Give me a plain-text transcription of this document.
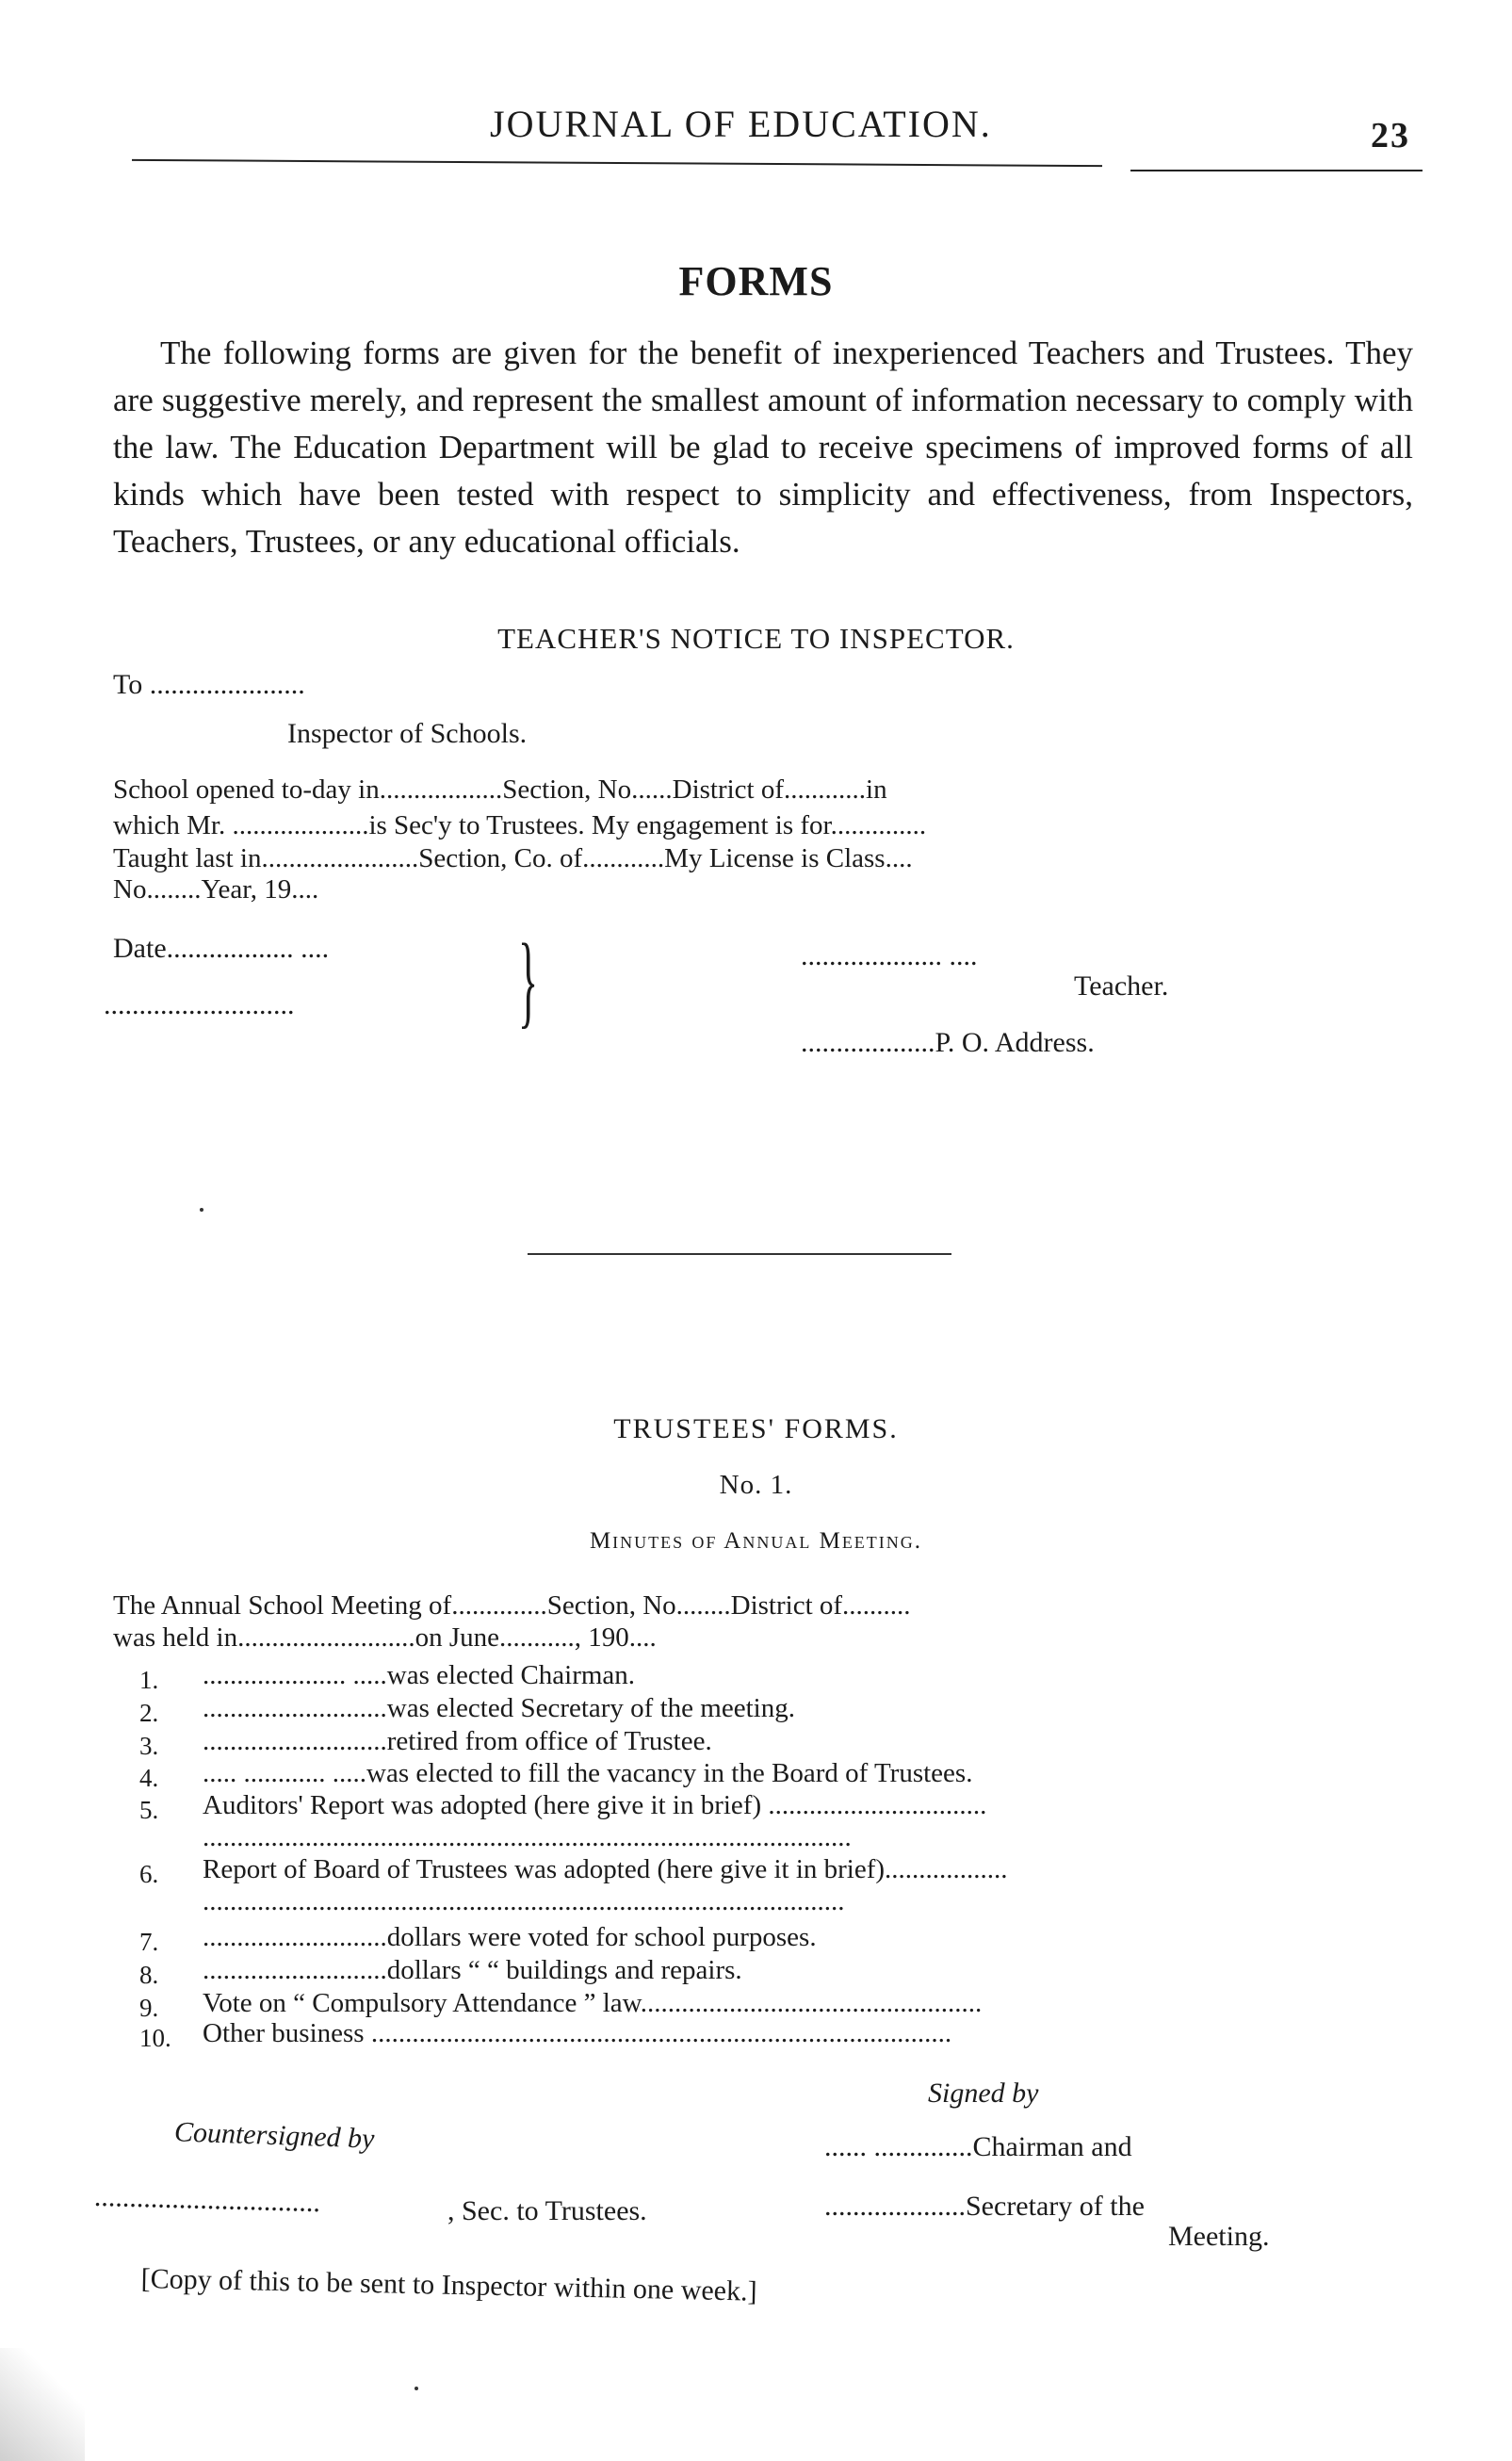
JOURNAL OF EDUCATION.	23
FORMS

The following forms are given for the benefit of inexperienced Teachers and Trustees. They are suggestive merely, and represent the smallest amount of information necessary to comply with the law. The Education Department will be glad to receive specimens of improved forms of all kinds which have been tested with respect to simplicity and effectiveness, from Inspectors, Teachers, Trustees, or any educational officials.

TEACHER'S NOTICE TO INSPECTOR.
To ......................
Inspector of Schools.
School opened to-day in..................Section, No......District of............in
which Mr. ....................is Sec'y to Trustees. My engagement is for..............
Taught last in.......................Section, Co. of............My License is Class....
No........Year, 19....
Date.................. ....
........................... }	.................... ....
Teacher.
...................P. O. Address.
TRUSTEES' FORMS.
No. 1.
Minutes of Annual Meeting.
The Annual School Meeting of..............Section, No........District of..........
was held in..........................on June..........., 190....
1. ..................... .....was elected Chairman.
2. ...........................was elected Secretary of the meeting.
3. ...........................retired from office of Trustee.
4. ..... ............ .....was elected to fill the vacancy in the Board of Trustees.
5. Auditors' Report was adopted (here give it in brief) ................................
...............................................................................................
6. Report of Board of Trustees was adopted (here give it in brief)..................
..............................................................................................
7. ...........................dollars were voted for school purposes.
8. ...........................dollars “ “ buildings and repairs.
9. Vote on “ Compulsory Attendance ” law..................................................
10. Other business .....................................................................................
Signed by
Countersigned by	...... ..............Chairman and
................................	, Sec. to Trustees.	....................Secretary of the
Meeting.
[Copy of this to be sent to Inspector within one week.]
